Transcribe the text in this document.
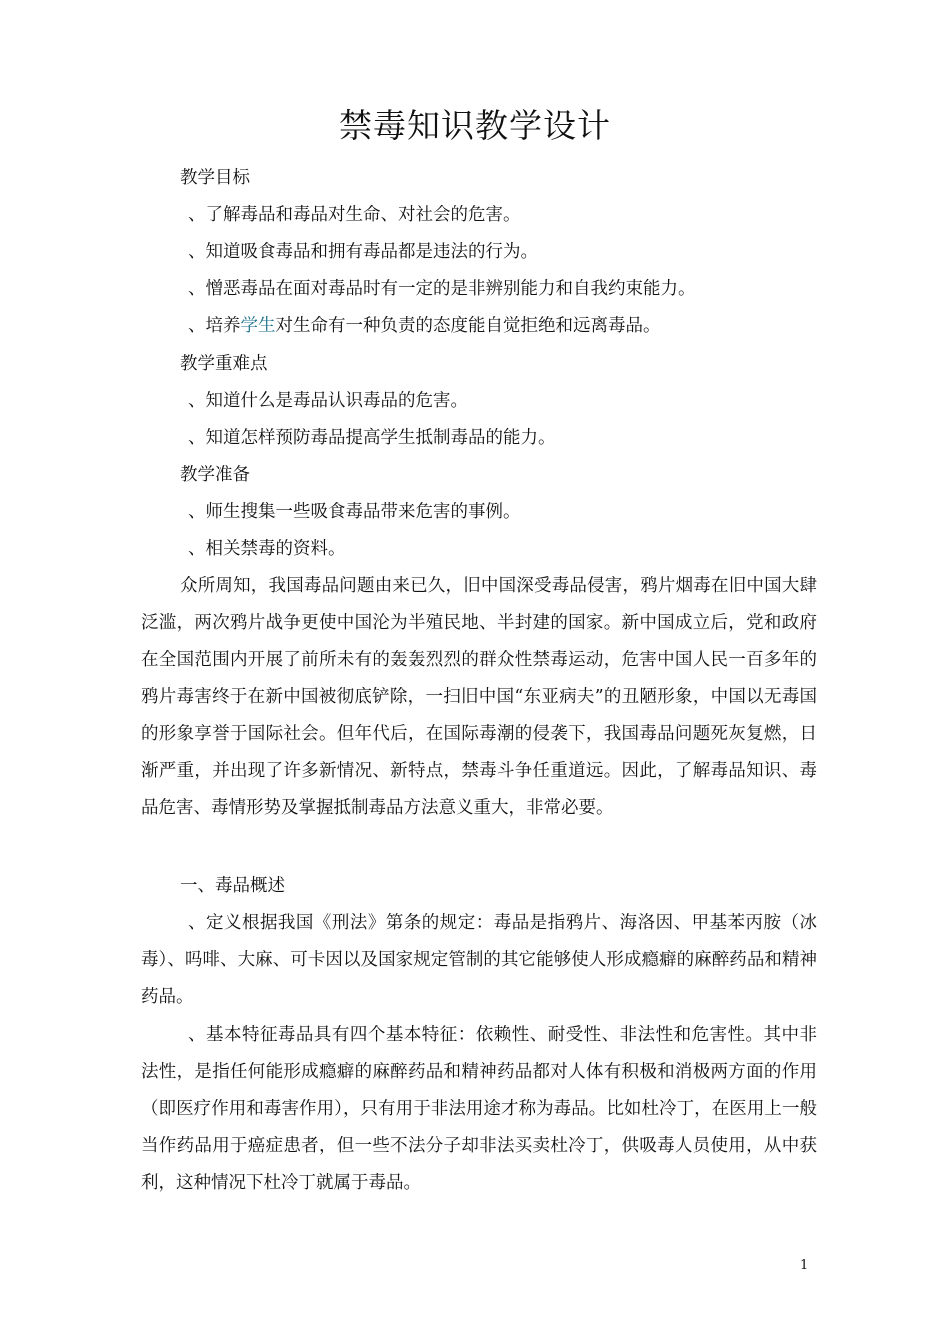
禁毒知识教学设计
教学目标
、了解毒品和毒品对生命、对社会的危害。
、知道吸食毒品和拥有毒品都是违法的行为。
、憎恶毒品在面对毒品时有一定的是非辨别能力和自我约束能力。
、培养学生对生命有一种负责的态度能自觉拒绝和远离毒品。
教学重难点
、知道什么是毒品认识毒品的危害。
、知道怎样预防毒品提高学生抵制毒品的能力。
教学准备
、师生搜集一些吸食毒品带来危害的事例。
、相关禁毒的资料。
众所周知，我国毒品问题由来已久，旧中国深受毒品侵害，鸦片烟毒在旧中国大肆泛滥，两次鸦片战争更使中国沦为半殖民地、半封建的国家。新中国成立后，党和政府在全国范围内开展了前所未有的轰轰烈烈的群众性禁毒运动，危害中国人民一百多年的鸦片毒害终于在新中国被彻底铲除，一扫旧中国“东亚病夫”的丑陋形象，中国以无毒国的形象享誉于国际社会。但年代后，在国际毒潮的侵袭下，我国毒品问题死灰复燃，日渐严重，并出现了许多新情况、新特点，禁毒斗争任重道远。因此，了解毒品知识、毒品危害、毒情形势及掌握抵制毒品方法意义重大，非常必要。
一、毒品概述
、定义根据我国《刑法》第条的规定：毒品是指鸦片、海洛因、甲基苯丙胺（冰毒）、吗啡、大麻、可卡因以及国家规定管制的其它能够使人形成瘾癖的麻醉药品和精神药品。
、基本特征毒品具有四个基本特征：依赖性、耐受性、非法性和危害性。其中非法性，是指任何能形成瘾癖的麻醉药品和精神药品都对人体有积极和消极两方面的作用（即医疗作用和毒害作用），只有用于非法用途才称为毒品。比如杜冷丁，在医用上一般当作药品用于癌症患者，但一些不法分子却非法买卖杜冷丁，供吸毒人员使用，从中获利，这种情况下杜冷丁就属于毒品。
1
